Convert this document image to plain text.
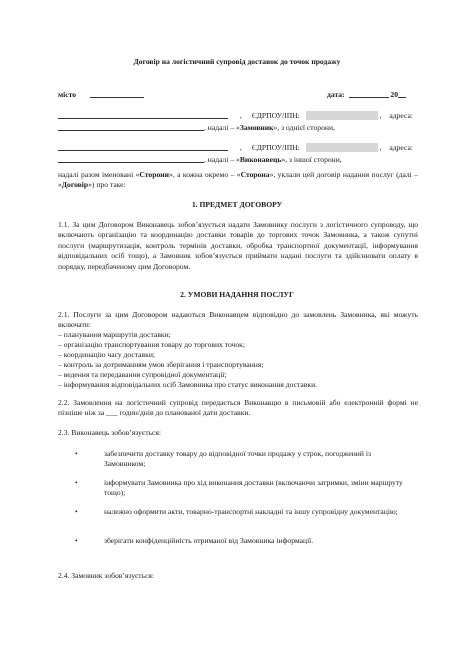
Договір на логістичний супровід доставок до точок продажу
місто	дата:	20
, ЄДРПОУ/ІПН:	, адреса:
, надалі – «Замовник», з однієї сторони,
, ЄДРПОУ/ІПН:	, адреса:
, надалі – «Виконавець», з іншої сторони,
надалі разом іменовані «Сторони», а кожна окремо – «Сторона», уклали цей договір надання послуг (далі – «Договір») про таке:
1. ПРЕДМЕТ ДОГОВОРУ
1.1. За цим Договором Виконавець зобов’язується надати Замовнику послуги з логістичного супроводу, що включають організацію та координацію доставки товарів до торгових точок Замовника, а також супутні послуги (маршрутизація, контроль термінів доставки, обробка транспортної документації, інформування відповідальних осіб тощо), а Замовник зобов’язується приймати надані послуги та здійснювати оплату в порядку, передбаченому цим Договором.
2. УМОВИ НАДАННЯ ПОСЛУГ
2.1. Послуги за цим Договором надаються Виконавцем відповідно до замовлень Замовника, які можуть включати:
– планування маршрутів доставки;
– організацію транспортування товару до торгових точок;
– координацію часу доставки;
– контроль за дотриманням умов зберігання і транспортування;
– ведення та передавання супровідної документації;
– інформування відповідальних осіб Замовника про статус виконання доставки.
2.2. Замовлення на логістичний супровід передається Виконавцю в письмовій або електронній формі не пізніше ніж за ___ годин/днів до планованої дати доставки.
2.3. Виконавець зобов’язується:
•	забезпечити доставку товару до відповідної точки продажу у строк, погоджений із Замовником;
•	інформувати Замовника про хід виконання доставки (включаючи затримки, зміни маршруту тощо);
•	належно оформити акти, товарно-транспортні накладні та іншу супровідну документацію;
•	зберігати конфіденційність отриманої від Замовника інформації.
2.4. Замовник зобов’язується:
